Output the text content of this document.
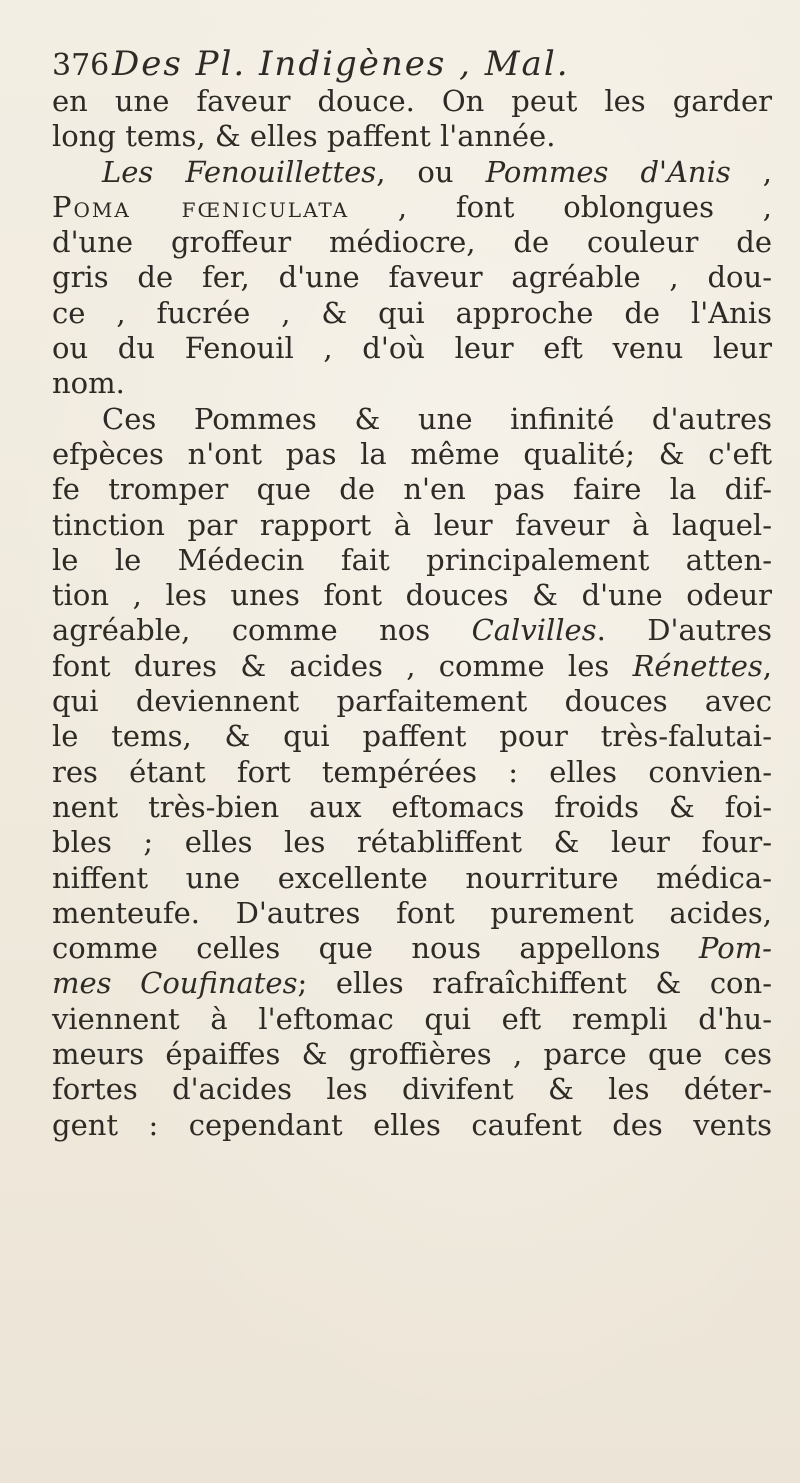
376 Des Pl. Indigènes , Mal.
en une faveur douce. On peut les garder
long tems, & elles paffent l'année.
Les Fenouillettes, ou Pommes d'Anis ,
Poma fœniculata , font oblongues ,
d'une groffeur médiocre, de couleur de
gris de fer, d'une faveur agréable , dou-
ce , fucrée , & qui approche de l'Anis
ou du Fenouil , d'où leur eft venu leur
nom.
Ces Pommes & une infinité d'autres
efpèces n'ont pas la même qualité; & c'eft
fe tromper que de n'en pas faire la dif-
tinction par rapport à leur faveur à laquel-
le le Médecin fait principalement atten-
tion , les unes font douces & d'une odeur
agréable, comme nos Calvilles. D'autres
font dures & acides , comme les Rénettes,
qui deviennent parfaitement douces avec
le tems, & qui paffent pour très-falutai-
res étant fort tempérées : elles convien-
nent très-bien aux eftomacs froids & foi-
bles ; elles les rétabliffent & leur four-
niffent une excellente nourriture médica-
menteufe. D'autres font purement acides,
comme celles que nous appellons Pom-
mes Coufinates; elles rafraîchiffent & con-
viennent à l'eftomac qui eft rempli d'hu-
meurs épaiffes & groffières , parce que ces
fortes d'acides les divifent & les déter-
gent : cependant elles caufent des vents
